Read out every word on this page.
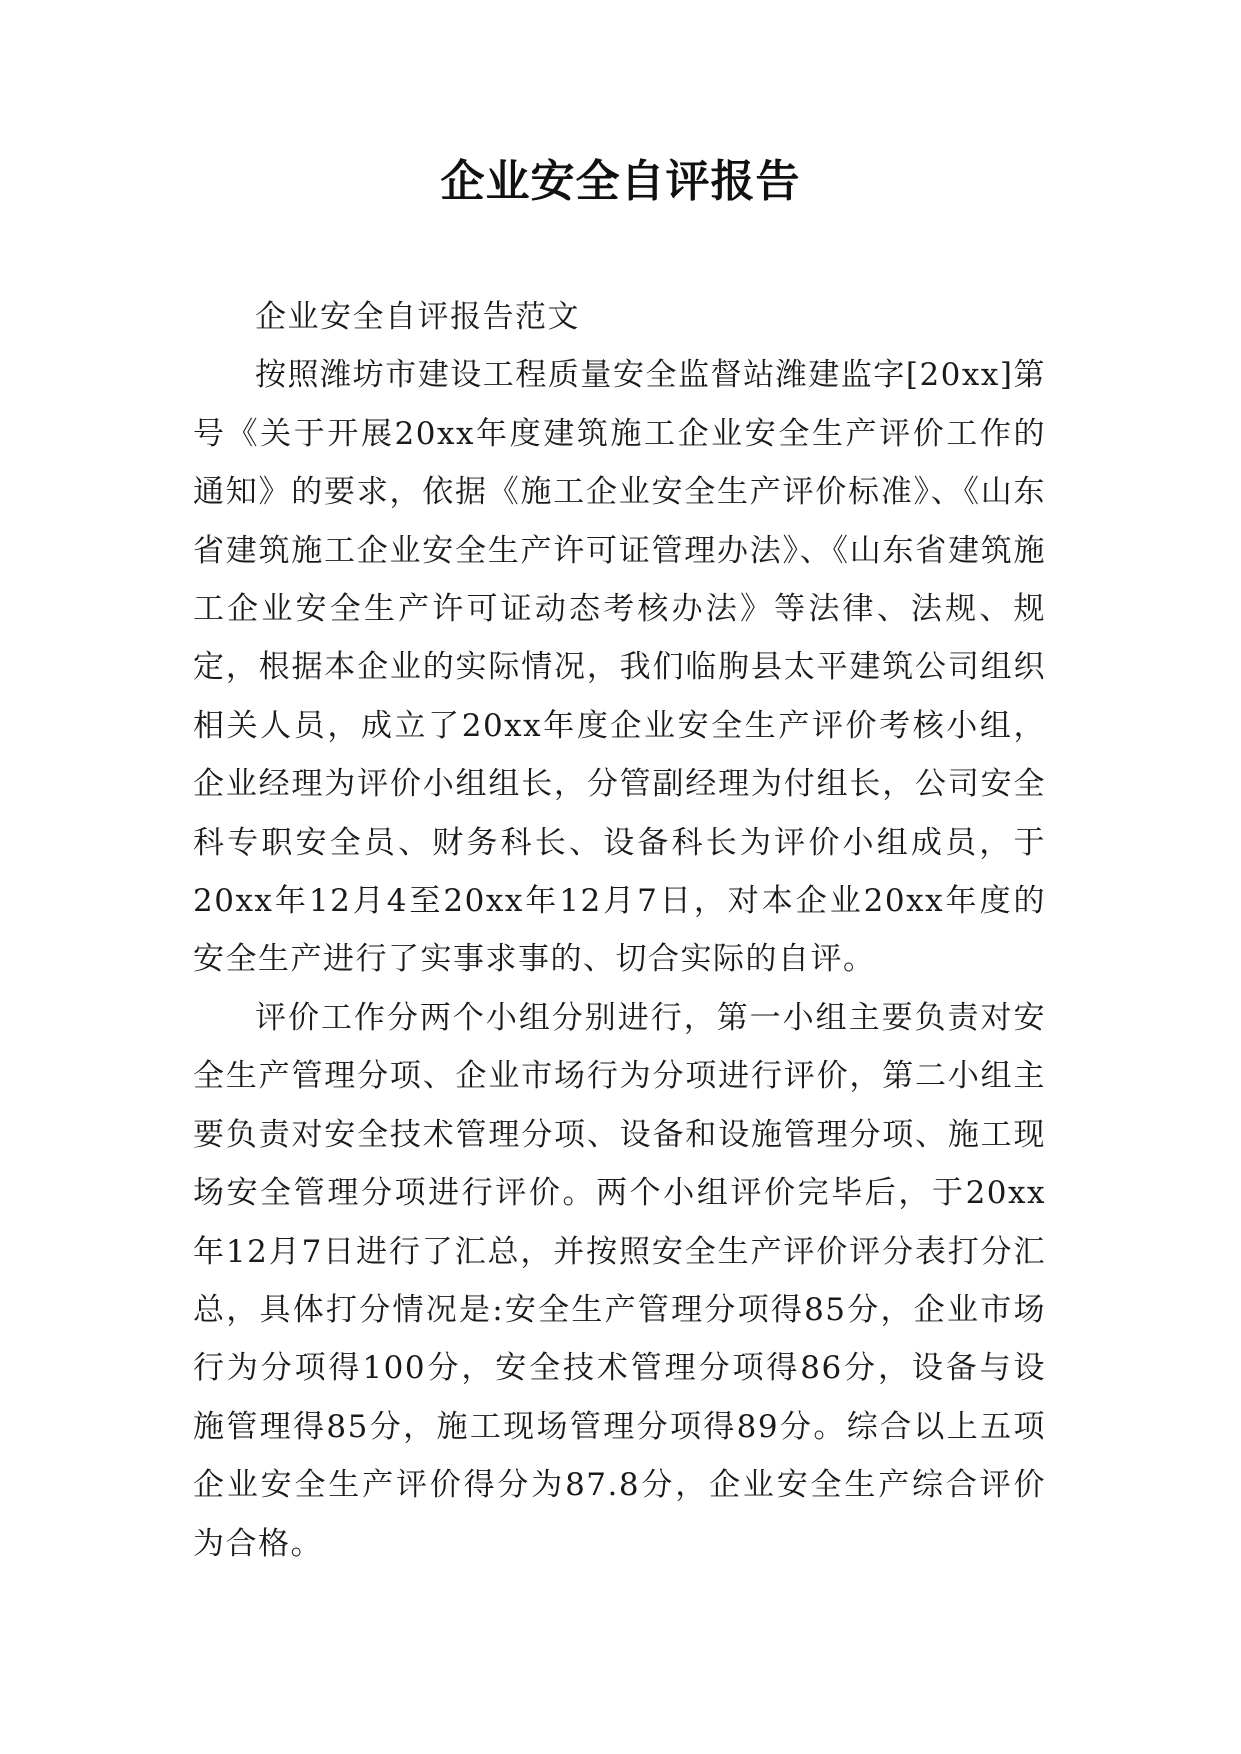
企业安全自评报告

企业安全自评报告范文

按照潍坊市建设工程质量安全监督站潍建监字[20xx]第号《关于开展20xx年度建筑施工企业安全生产评价工作的通知》的要求，依据《施工企业安全生产评价标准》、《山东省建筑施工企业安全生产许可证管理办法》、《山东省建筑施工企业安全生产许可证动态考核办法》等法律、法规、规定，根据本企业的实际情况，我们临朐县太平建筑公司组织相关人员，成立了20xx年度企业安全生产评价考核小组，企业经理为评价小组组长，分管副经理为付组长，公司安全科专职安全员、财务科长、设备科长为评价小组成员，于20xx年12月4至20xx年12月7日，对本企业20xx年度的安全生产进行了实事求事的、切合实际的自评。

评价工作分两个小组分别进行，第一小组主要负责对安全生产管理分项、企业市场行为分项进行评价，第二小组主要负责对安全技术管理分项、设备和设施管理分项、施工现场安全管理分项进行评价。两个小组评价完毕后，于20xx年12月7日进行了汇总，并按照安全生产评价评分表打分汇总，具体打分情况是:安全生产管理分项得85分，企业市场行为分项得100分，安全技术管理分项得86分，设备与设施管理得85分，施工现场管理分项得89分。综合以上五项企业安全生产评价得分为87.8分，企业安全生产综合评价为合格。
